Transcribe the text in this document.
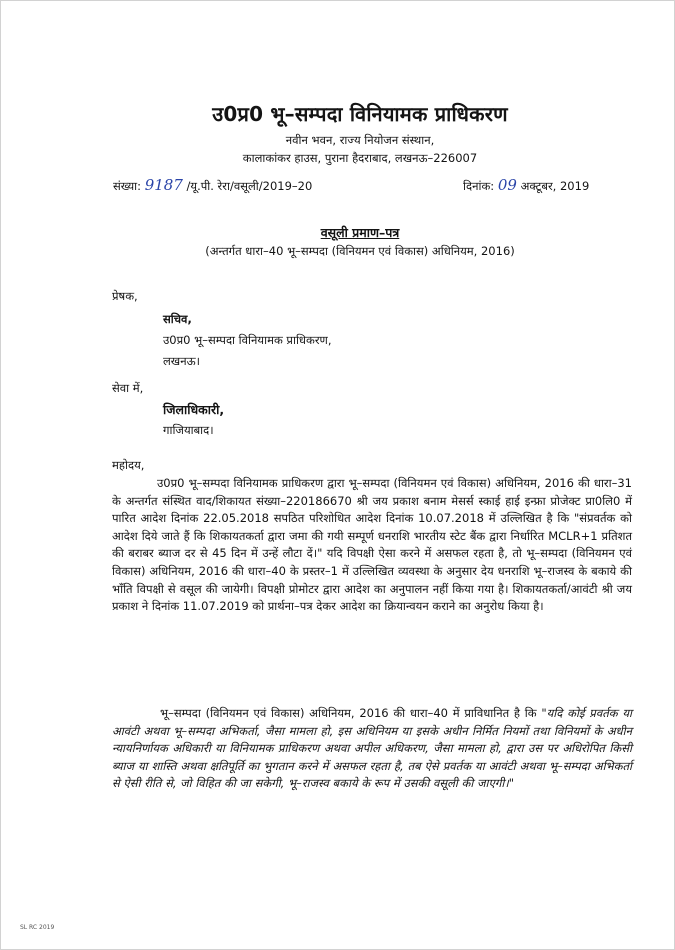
उ0प्र0 भू–सम्पदा विनियामक प्राधिकरण
नवीन भवन, राज्य नियोजन संस्थान,
कालाकांकर हाउस, पुराना हैदराबाद, लखनऊ–226007
संख्या: 9187 /यू.पी. रेरा/वसूली/2019–20	दिनांक: 09 अक्टूबर, 2019
वसूली प्रमाण–पत्र
(अन्तर्गत धारा–40 भू–सम्पदा (विनियमन एवं विकास) अधिनियम, 2016)
प्रेषक,
सचिव,
उ0प्र0 भू–सम्पदा विनियामक प्राधिकरण,
लखनऊ।
सेवा में,
जिलाधिकारी,
गाजियाबाद।
महोदय,
उ0प्र0 भू–सम्पदा विनियामक प्राधिकरण द्वारा भू–सम्पदा (विनियमन एवं विकास) अधिनियम, 2016 की धारा–31 के अन्तर्गत संस्थित वाद/शिकायत संख्या–220186670 श्री जय प्रकाश बनाम मेसर्स स्काई हाई इन्फ्रा प्रोजेक्ट प्रा0लि0 में पारित आदेश दिनांक 22.05.2018 सपठित परिशोधित आदेश दिनांक 10.07.2018 में उल्लिखित है कि "संप्रवर्तक को आदेश दिये जाते हैं कि शिकायतकर्ता द्वारा जमा की गयी सम्पूर्ण धनराशि भारतीय स्टेट बैंक द्वारा निर्धारित MCLR+1 प्रतिशत की बराबर ब्याज दर से 45 दिन में उन्हें लौटा दें।" यदि विपक्षी ऐसा करने में असफल रहता है, तो भू–सम्पदा (विनियमन एवं विकास) अधिनियम, 2016 की धारा–40 के प्रस्तर–1 में उल्लिखित व्यवस्था के अनुसार देय धनराशि भू–राजस्व के बकाये की भाँति विपक्षी से वसूल की जायेगी। विपक्षी प्रोमोटर द्वारा आदेश का अनुपालन नहीं किया गया है। शिकायतकर्ता/आवंटी श्री जय प्रकाश ने दिनांक 11.07.2019 को प्रार्थना–पत्र देकर आदेश का क्रियान्वयन कराने का अनुरोध किया है।
भू–सम्पदा (विनियमन एवं विकास) अधिनियम, 2016 की धारा–40 में प्राविधानित है कि "यदि कोई प्रवर्तक या आवंटी अथवा भू–सम्पदा अभिकर्ता, जैसा मामला हो, इस अधिनियम या इसके अधीन निर्मित नियमों तथा विनियमों के अधीन न्यायनिर्णायक अधिकारी या विनियामक प्राधिकरण अथवा अपील अधिकरण, जैसा मामला हो, द्वारा उस पर अधिरोपित किसी ब्याज या शास्ति अथवा क्षतिपूर्ति का भुगतान करने में असफल रहता है, तब ऐसे प्रवर्तक या आवंटी अथवा भू–सम्पदा अभिकर्ता से ऐसी रीति से, जो विहित की जा सकेगी, भू–राजस्व बकाये के रूप में उसकी वसूली की जाएगी।"
SL RC 2019
